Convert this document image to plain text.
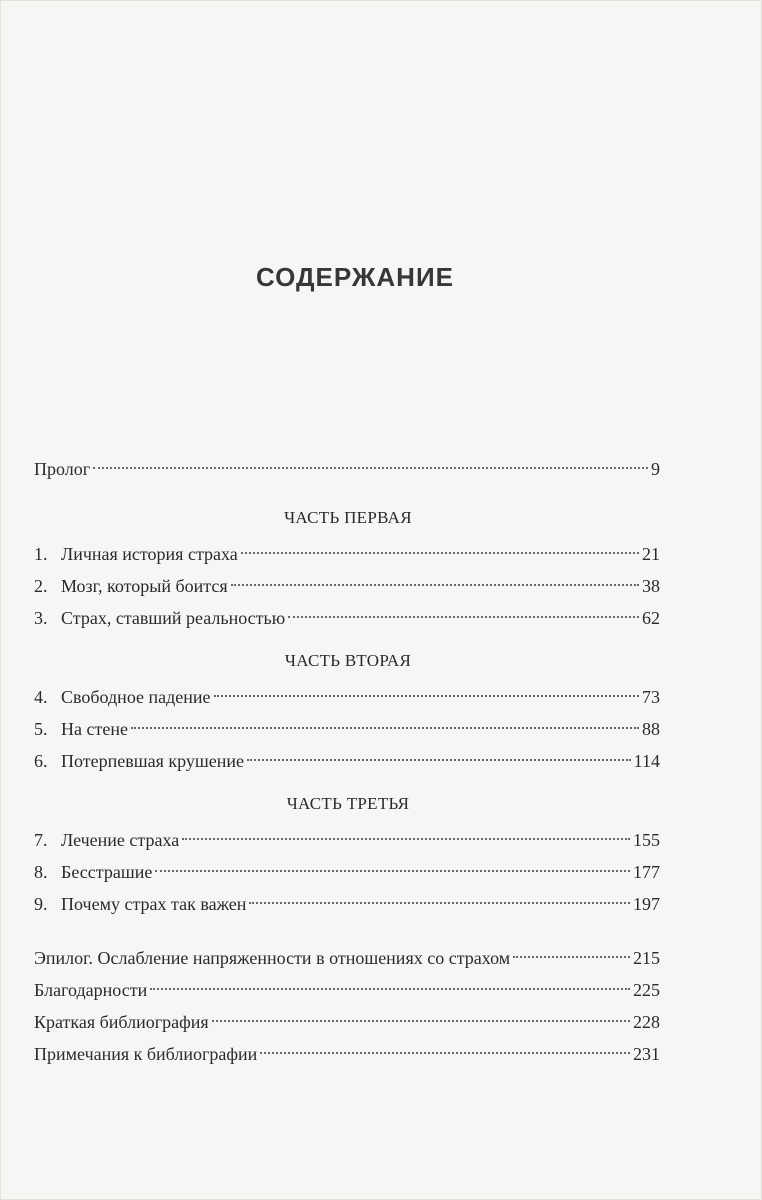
СОДЕРЖАНИЕ
Пролог	9
ЧАСТЬ ПЕРВАЯ
1. Личная история страха	21
2. Мозг, который боится	38
3. Страх, ставший реальностью	62
ЧАСТЬ ВТОРАЯ
4. Свободное падение	73
5. На стене	88
6. Потерпевшая крушение	114
ЧАСТЬ ТРЕТЬЯ
7. Лечение страха	155
8. Бесстрашие	177
9. Почему страх так важен	197
Эпилог. Ослабление напряженности в отношениях со страхом	215
Благодарности	225
Краткая библиография	228
Примечания к библиографии	231
